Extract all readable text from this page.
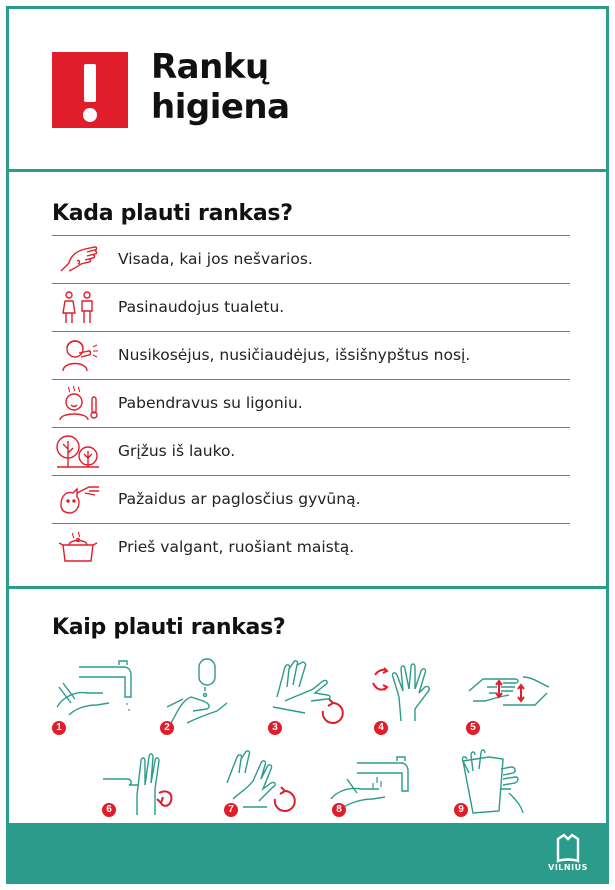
Rankų
higiena
Kada plauti rankas?
Visada, kai jos nešvarios.
Pasinaudojus tualetu.
Nusikosėjus, nusičiaudėjus, išsišnypštus nosį.
Pabendravus su ligoniu.
Grįžus iš lauko.
Pažaidus ar paglosčius gyvūną.
Prieš valgant, ruošiant maistą.
Kaip plauti rankas?
1	2	3	4	5
6	7	8	9
VILNIUS
